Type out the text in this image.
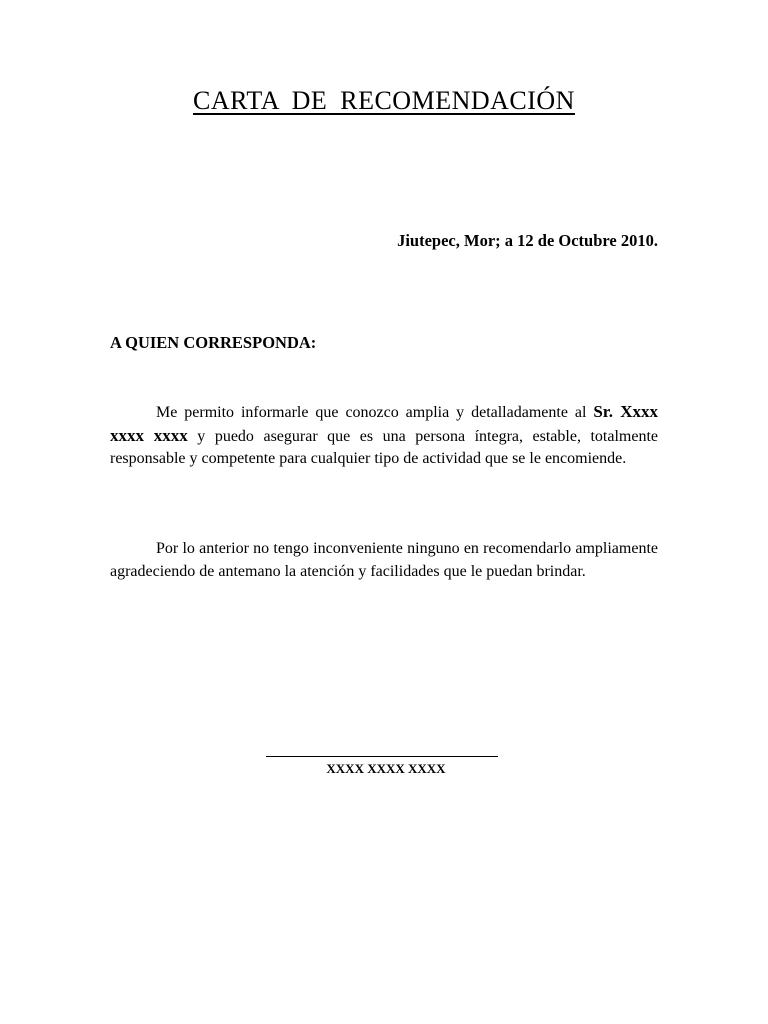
CARTA DE RECOMENDACIÓN

Jiutepec, Mor; a 12 de Octubre 2010.

A QUIEN CORRESPONDA:

Me permito informarle que conozco amplia y detalladamente al Sr. Xxxx xxxx xxxx y puedo asegurar que es una persona íntegra, estable, totalmente responsable y competente para cualquier tipo de actividad que se le encomiende.

Por lo anterior no tengo inconveniente ninguno en recomendarlo ampliamente agradeciendo de antemano la atención y facilidades que le puedan brindar.

XXXX XXXX XXXX
